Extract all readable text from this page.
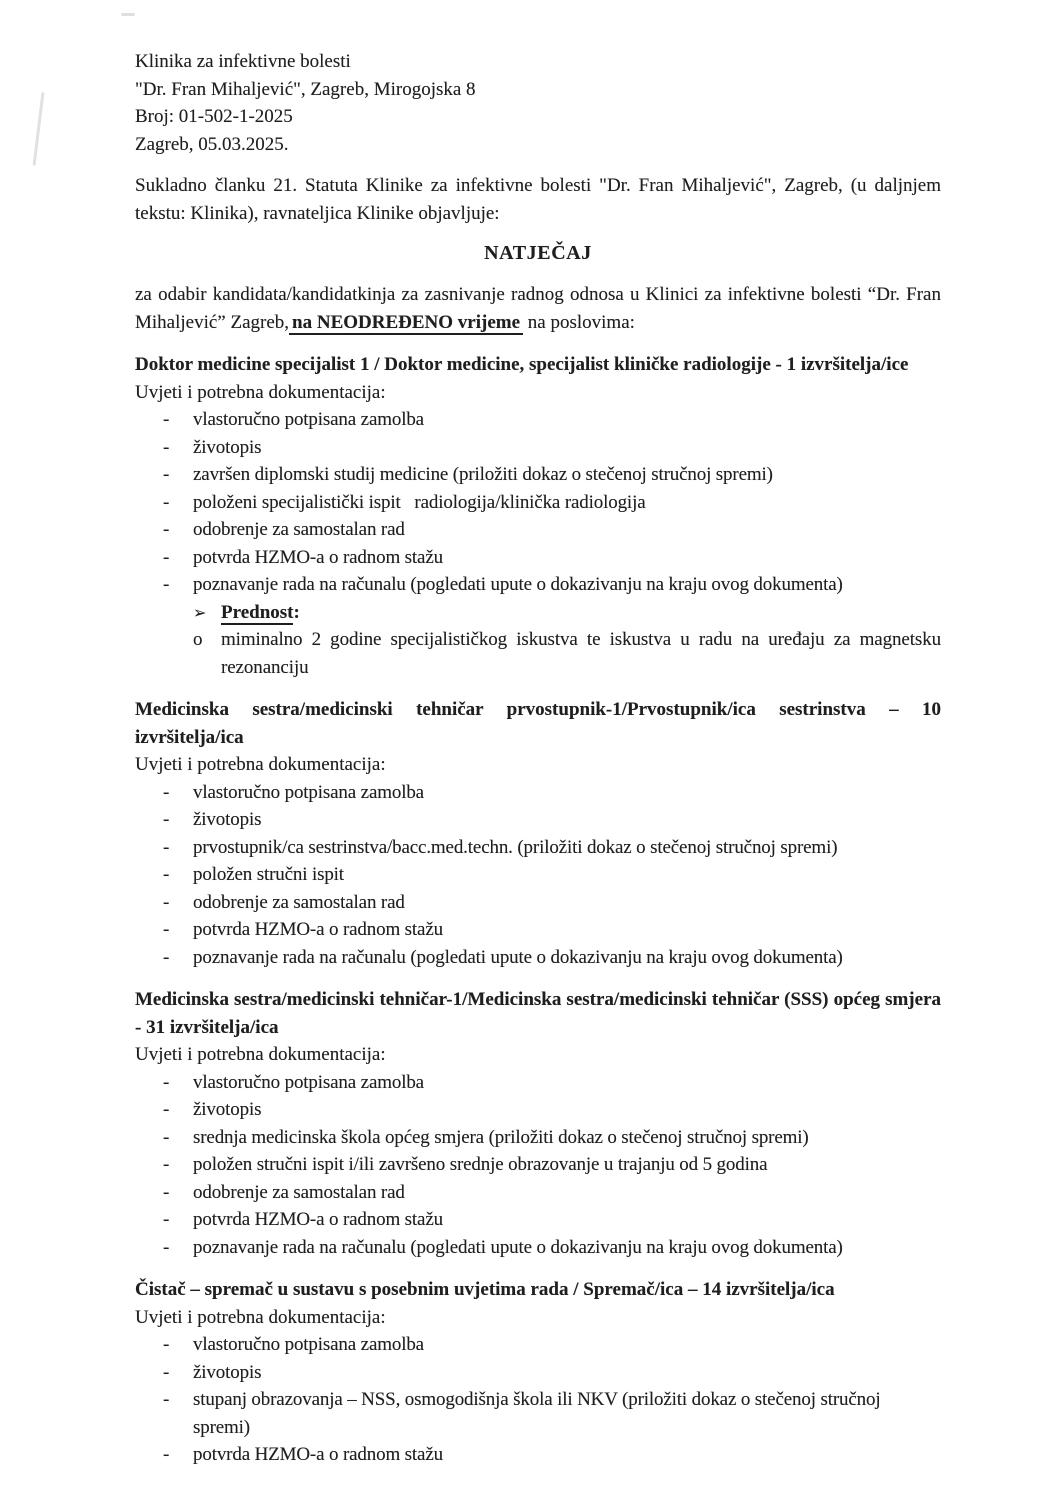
Klinika za infektivne bolesti
"Dr. Fran Mihaljević", Zagreb, Mirogojska 8
Broj: 01-502-1-2025
Zagreb, 05.03.2025.

Sukladno članku 21. Statuta Klinike za infektivne bolesti "Dr. Fran Mihaljević", Zagreb, (u daljnjem tekstu: Klinika), ravnateljica Klinike objavljuje:

NATJEČAJ

za odabir kandidata/kandidatkinja za zasnivanje radnog odnosa u Klinici za infektivne bolesti “Dr. Fran Mihaljević” Zagreb, na NEODREĐENO vrijeme na poslovima:

Doktor medicine specijalist 1 / Doktor medicine, specijalist kliničke radiologije - 1 izvršitelja/ice
Uvjeti i potrebna dokumentacija:
-	vlastoručno potpisana zamolba
-	životopis
-	završen diplomski studij medicine (priložiti dokaz o stečenoj stručnoj spremi)
-	položeni specijalistički ispit   radiologija/klinička radiologija
-	odobrenje za samostalan rad
-	potvrda HZMO-a o radnom stažu
-	poznavanje rada na računalu (pogledati upute o dokazivanju na kraju ovog dokumenta)
➢ Prednost:
o miminalno 2 godine specijalističkog iskustva te iskustva u radu na uređaju za magnetsku rezonanciju
Medicinska sestra/medicinski tehničar prvostupnik-1/Prvostupnik/ica sestrinstva – 10 izvršitelja/ica
Uvjeti i potrebna dokumentacija:
-	vlastoručno potpisana zamolba
-	životopis
-	prvostupnik/ca sestrinstva/bacc.med.techn. (priložiti dokaz o stečenoj stručnoj spremi)
-	položen stručni ispit
-	odobrenje za samostalan rad
-	potvrda HZMO-a o radnom stažu
-	poznavanje rada na računalu (pogledati upute o dokazivanju na kraju ovog dokumenta)
Medicinska sestra/medicinski tehničar-1/Medicinska sestra/medicinski tehničar (SSS) općeg smjera - 31 izvršitelja/ica
Uvjeti i potrebna dokumentacija:
-	vlastoručno potpisana zamolba
-	životopis
-	srednja medicinska škola općeg smjera (priložiti dokaz o stečenoj stručnoj spremi)
-	položen stručni ispit i/ili završeno srednje obrazovanje u trajanju od 5 godina
-	odobrenje za samostalan rad
-	potvrda HZMO-a o radnom stažu
-	poznavanje rada na računalu (pogledati upute o dokazivanju na kraju ovog dokumenta)
Čistač – spremač u sustavu s posebnim uvjetima rada / Spremač/ica – 14 izvršitelja/ica
Uvjeti i potrebna dokumentacija:
-	vlastoručno potpisana zamolba
-	životopis
-	stupanj obrazovanja – NSS, osmogodišnja škola ili NKV (priložiti dokaz o stečenoj stručnoj spremi)
-	potvrda HZMO-a o radnom stažu
